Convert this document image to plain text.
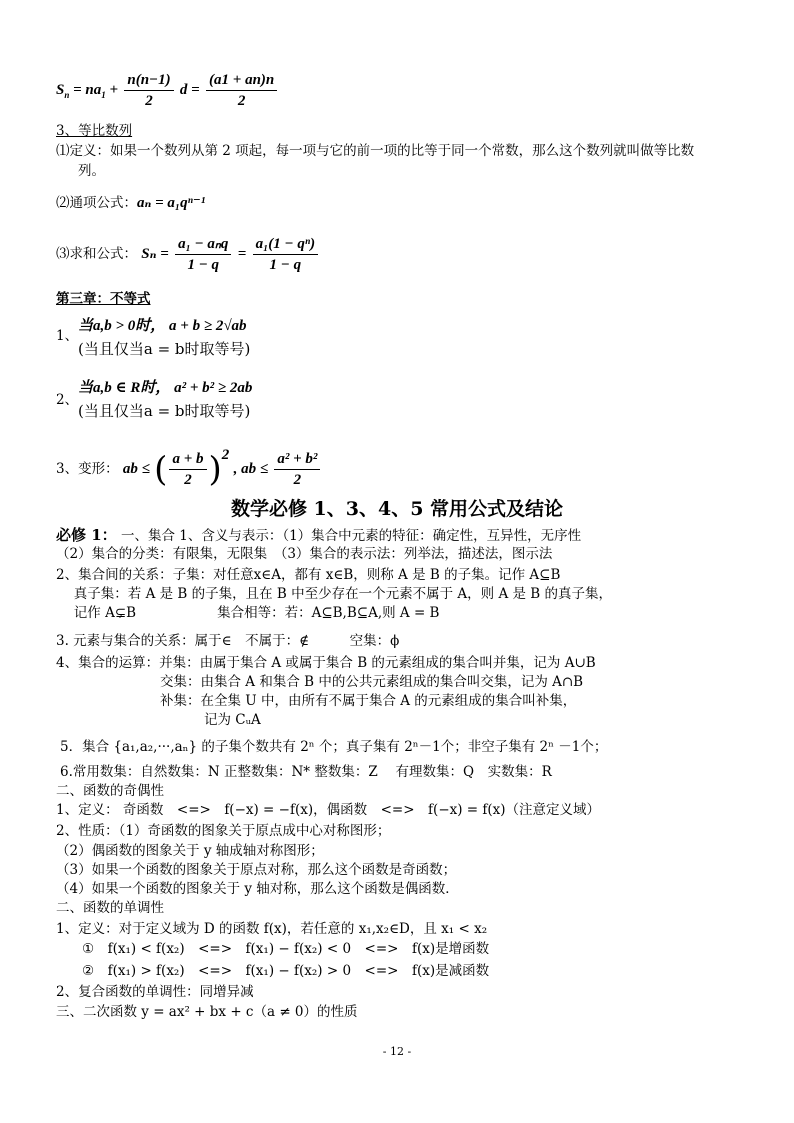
$S_n = na_1 + \frac{n(n-1)}{2}$ $d = \frac{(a1 + an)n}{2}$
3、等比数列
⑴定义：如果一个数列从第 2 项起，每一项与它的前一项的比等于同一个常数，那么这个数列就叫做等比数
列。
⑵通项公式：aₙ = a₁qⁿ⁻¹
⑶求和公式： $S_n = \frac{\text{a₁ − aₙq}}{1 - q} = \frac{\text{a₁(1 − qⁿ)}}{1 - q}$
第三章：不等式
1、
当a,b > 0时， a + b ≥ 2√ab
(当且仅当a = b时取等号)
2、
当a,b ∈ R时， a² + b² ≥ 2ab
(当且仅当a = b时取等号)
3、变形： ab ≤ ( $\frac{a + b}{2} )^2$ , ab ≤ $\frac{\text{a² + b²}}{2}$
数学必修 1、3、4、5 常用公式及结论
必修 1： 一、集合 1、含义与表示：（1）集合中元素的特征：确定性，互异性，无序性
（2）集合的分类：有限集，无限集　（3）集合的表示法：列举法，描述法，图示法
2、集合间的关系：子集：对任意x∈A，都有 x∈B，则称 A 是 B 的子集。记作 A⊆B
　 真子集：若 A 是 B 的子集，且在 B 中至少存在一个元素不属于 A，则 A 是 B 的真子集，
　 记作 A⊊B　　　　　　集合相等：若：A⊆B,B⊆A,则 A = B
3. 元素与集合的关系：属于∈　不属于：∉　　　空集：ϕ
4、集合的运算：并集：由属于集合 A 或属于集合 B 的元素组成的集合叫并集，记为 A∪B
交集：由集合 A 和集合 B 中的公共元素组成的集合叫交集，记为 A∩B
补集：在全集 U 中，由所有不属于集合 A 的元素组成的集合叫补集，
记为 CᵤA
5．集合 {a₁,a₂,···,aₙ} 的子集个数共有 2ⁿ 个；真子集有 2ⁿ－1个；非空子集有 2ⁿ －1个；
6.常用数集：自然数集：N 正整数集：N* 整数集：Z　 有理数集：Q　实数集：R
二、函数的奇偶性
1、定义： 奇函数　<=>　f(−x) = −f(x)，偶函数　<=>　f(−x) = f(x)（注意定义域）
2、性质：（1）奇函数的图象关于原点成中心对称图形；
（2）偶函数的图象关于 y 轴成轴对称图形；
（3）如果一个函数的图象关于原点对称，那么这个函数是奇函数；
（4）如果一个函数的图象关于 y 轴对称，那么这个函数是偶函数．
二、函数的单调性
1、定义：对于定义域为 D 的函数 f(x)，若任意的 x₁,x₂∈D，且 x₁ < x₂
①　f(x₁) < f(x₂)　<=>　f(x₁) − f(x₂) < 0　<=>　f(x)是增函数
②　f(x₁) > f(x₂)　<=>　f(x₁) − f(x₂) > 0　<=>　f(x)是减函数
2、复合函数的单调性：同增异减
三、二次函数 y = ax² + bx + c（a ≠ 0）的性质
- 12 -
